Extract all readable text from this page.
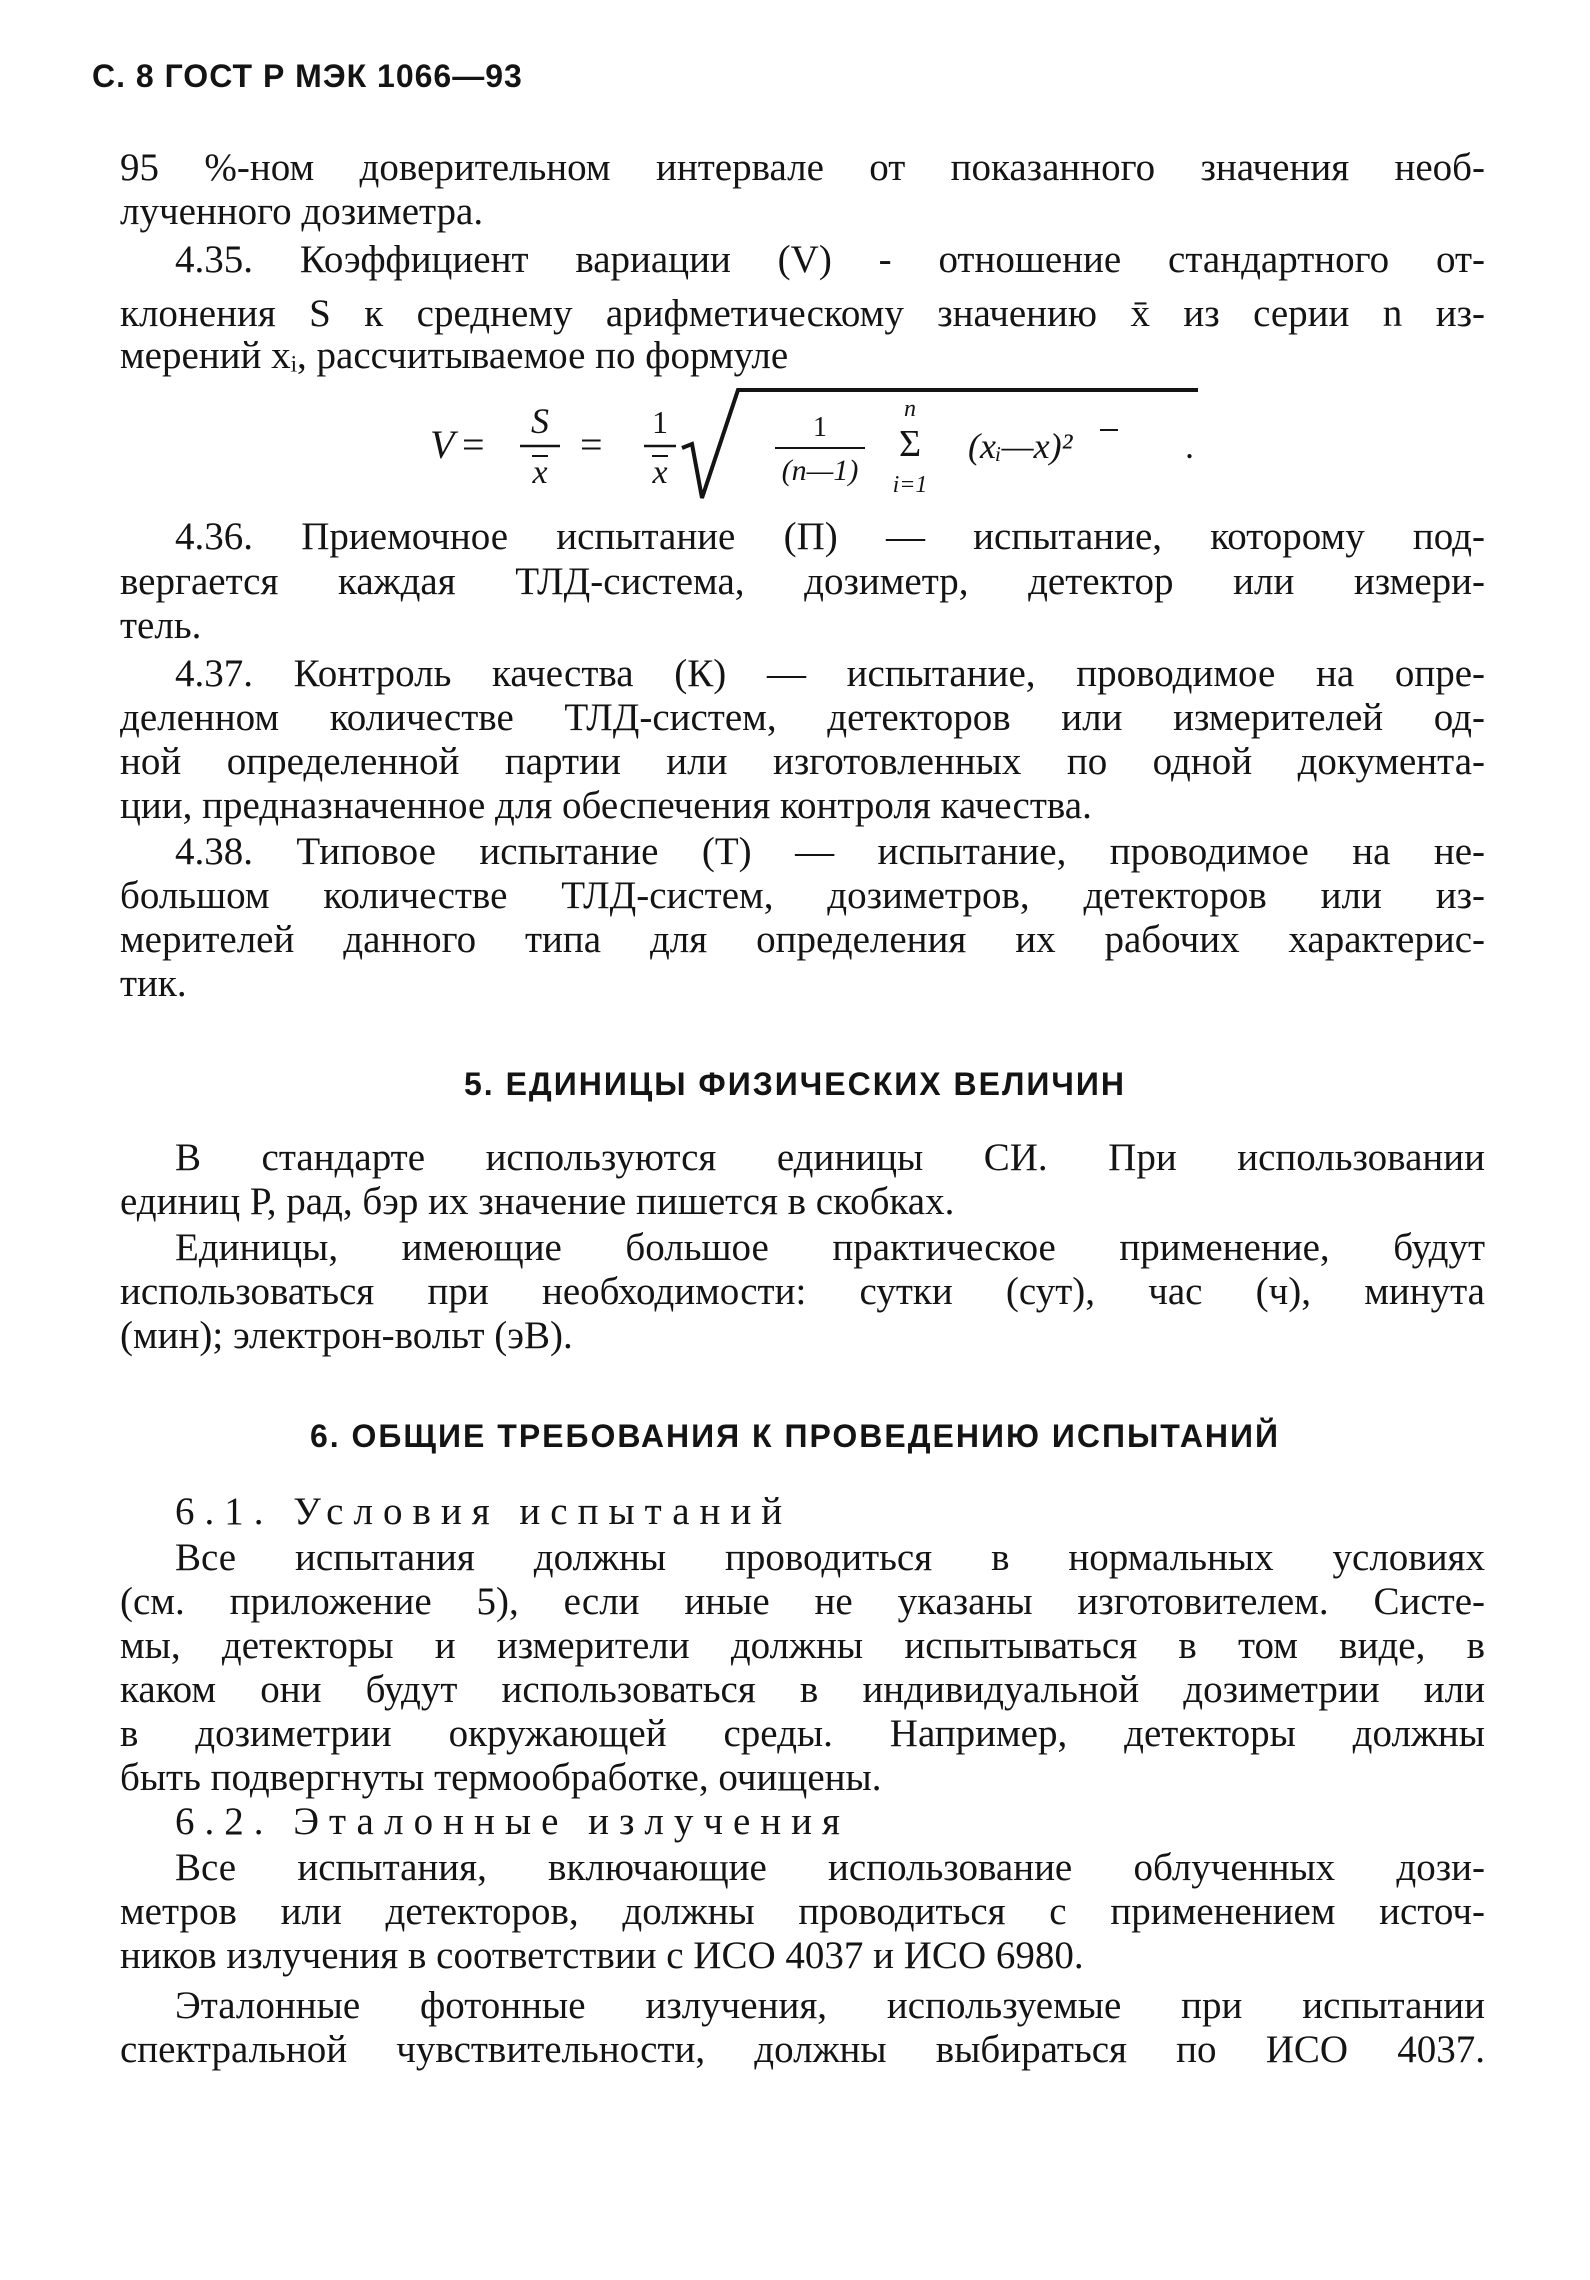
С. 8 ГОСТ Р МЭК 1066—93
95 %-ном доверительном интервале от показанного значения необ-
лученного дозиметра.
4.35. Коэффициент вариации (V) - отношение стандартного от-
клонения S к среднему арифметическому значению x̄ из серии n из-
мерений xᵢ, рассчитываемое по формуле
V =
S
x
= 1
x
1
(n—1)
n
Σ
i=1
(xᵢ—x)²	.
4.36. Приемочное испытание (П) — испытание, которому под-
вергается каждая ТЛД-система, дозиметр, детектор или измери-
тель.
4.37. Контроль качества (К) — испытание, проводимое на опре-
деленном количестве ТЛД-систем, детекторов или измерителей од-
ной определенной партии или изготовленных по одной документа-
ции, предназначенное для обеспечения контроля качества.
4.38. Типовое испытание (Т) — испытание, проводимое на не-
большом количестве ТЛД-систем, дозиметров, детекторов или из-
мерителей данного типа для определения их рабочих характерис-
тик.
5. ЕДИНИЦЫ ФИЗИЧЕСКИХ ВЕЛИЧИН
В стандарте используются единицы СИ. При использовании
единиц Р, рад, бэр их значение пишется в скобках.
Единицы, имеющие большое практическое применение, будут
использоваться при необходимости: сутки (сут), час (ч), минута
(мин); электрон-вольт (эВ).
6. ОБЩИЕ ТРЕБОВАНИЯ К ПРОВЕДЕНИЮ ИСПЫТАНИЙ
6.1. Условия испытаний
Все испытания должны проводиться в нормальных условиях
(см. приложение 5), если иные не указаны изготовителем. Систе-
мы, детекторы и измерители должны испытываться в том виде, в
каком они будут использоваться в индивидуальной дозиметрии или
в дозиметрии окружающей среды. Например, детекторы должны
быть подвергнуты термообработке, очищены.
6.2. Эталонные излучения
Все испытания, включающие использование облученных дози-
метров или детекторов, должны проводиться с применением источ-
ников излучения в соответствии с ИСО 4037 и ИСО 6980.
Эталонные фотонные излучения, используемые при испытании
спектральной чувствительности, должны выбираться по ИСО 4037.
